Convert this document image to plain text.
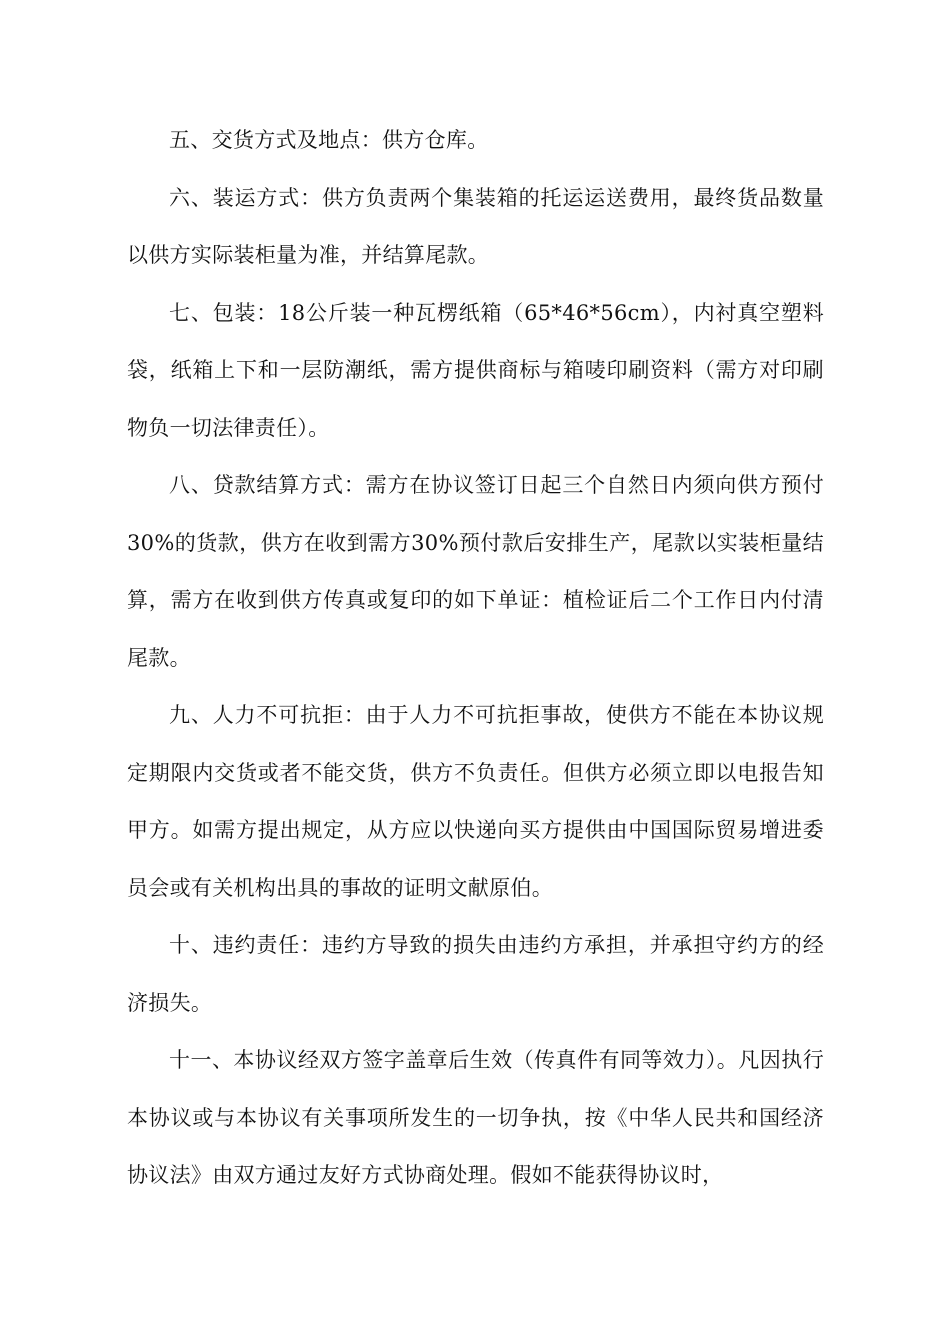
五、交货方式及地点：供方仓库。

六、装运方式：供方负责两个集装箱的托运运送费用，最终货品数量以供方实际装柜量为准，并结算尾款。

七、包装：18公斤装一种瓦楞纸箱（65*46*56cm），内衬真空塑料袋，纸箱上下和一层防潮纸，需方提供商标与箱唛印刷资料（需方对印刷物负一切法律责任）。

八、贷款结算方式：需方在协议签订日起三个自然日内须向供方预付30%的货款，供方在收到需方30%预付款后安排生产，尾款以实装柜量结算，需方在收到供方传真或复印的如下单证：植检证后二个工作日内付清尾款。

九、人力不可抗拒：由于人力不可抗拒事故，使供方不能在本协议规定期限内交货或者不能交货，供方不负责任。但供方必须立即以电报告知甲方。如需方提出规定，从方应以快递向买方提供由中国国际贸易增进委员会或有关机构出具的事故的证明文献原伯。

十、违约责任：违约方导致的损失由违约方承担，并承担守约方的经济损失。

十一、本协议经双方签字盖章后生效（传真件有同等效力）。凡因执行本协议或与本协议有关事项所发生的一切争执，按《中华人民共和国经济协议法》由双方通过友好方式协商处理。假如不能获得协议时，
